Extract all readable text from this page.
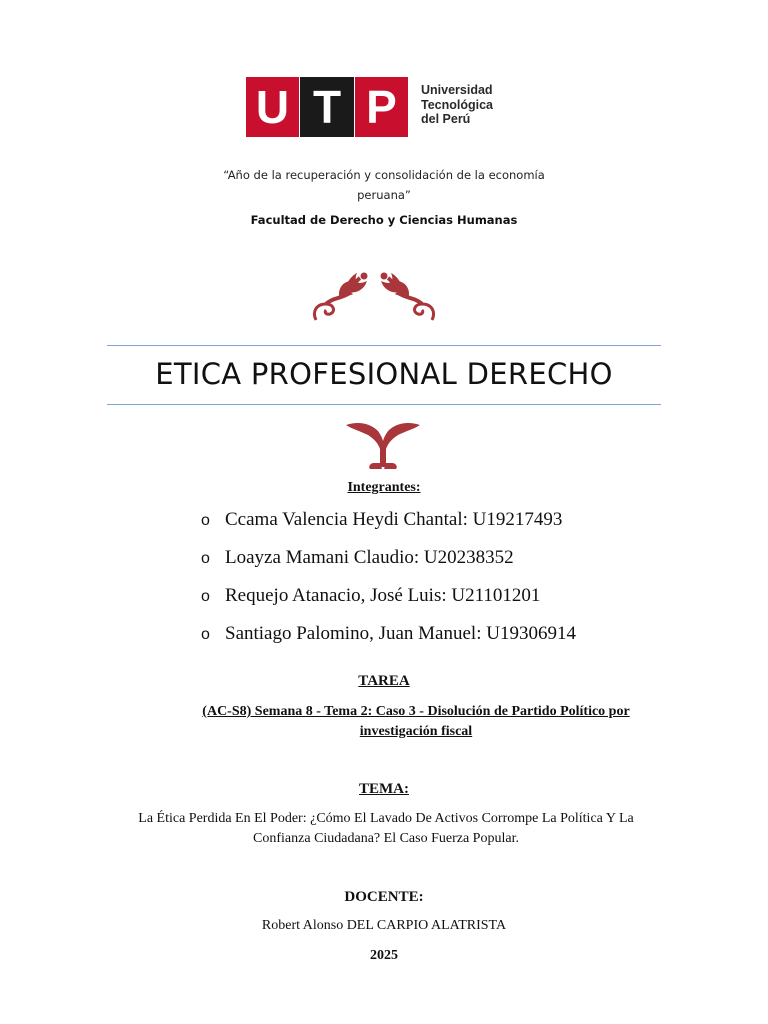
U T P	Universidad
Tecnológica
del Perú
“Año de la recuperación y consolidación de la economía
peruana”
Facultad de Derecho y Ciencias Humanas
ETICA PROFESIONAL DERECHO
Integrantes:
o Ccama Valencia Heydi Chantal: U19217493
o Loayza Mamani Claudio: U20238352
o Requejo Atanacio, José Luis: U21101201
o Santiago Palomino, Juan Manuel: U19306914
TAREA
(AC-S8) Semana 8 - Tema 2: Caso 3 - Disolución de Partido Político por
investigación fiscal
TEMA:
La Ética Perdida En El Poder: ¿Cómo El Lavado De Activos Corrompe La Política Y La Confianza Ciudadana? El Caso Fuerza Popular.
DOCENTE:
Robert Alonso DEL CARPIO ALATRISTA
2025
